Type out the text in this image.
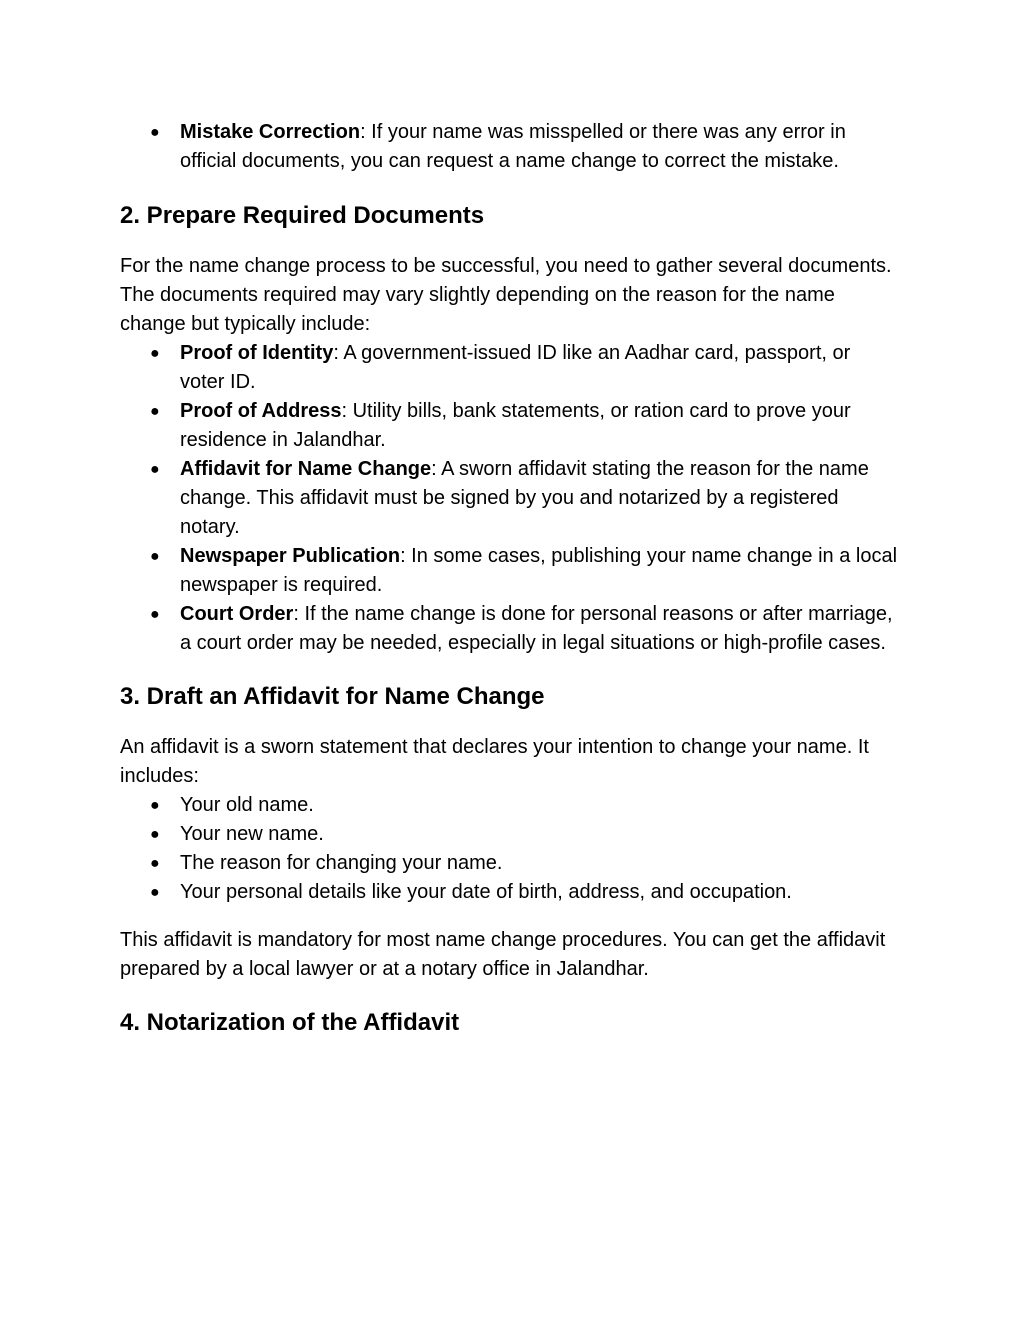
● Mistake Correction: If your name was misspelled or there was any error in official documents, you can request a name change to correct the mistake.
2. Prepare Required Documents

For the name change process to be successful, you need to gather several documents. The documents required may vary slightly depending on the reason for the name change but typically include:

● Proof of Identity: A government-issued ID like an Aadhar card, passport, or voter ID.
● Proof of Address: Utility bills, bank statements, or ration card to prove your residence in Jalandhar.
● Affidavit for Name Change: A sworn affidavit stating the reason for the name change. This affidavit must be signed by you and notarized by a registered notary.
● Newspaper Publication: In some cases, publishing your name change in a local newspaper is required.
● Court Order: If the name change is done for personal reasons or after marriage, a court order may be needed, especially in legal situations or high-profile cases.
3. Draft an Affidavit for Name Change

An affidavit is a sworn statement that declares your intention to change your name. It includes:

● Your old name.
● Your new name.
● The reason for changing your name.
● Your personal details like your date of birth, address, and occupation.

This affidavit is mandatory for most name change procedures. You can get the affidavit prepared by a local lawyer or at a notary office in Jalandhar.

4. Notarization of the Affidavit
